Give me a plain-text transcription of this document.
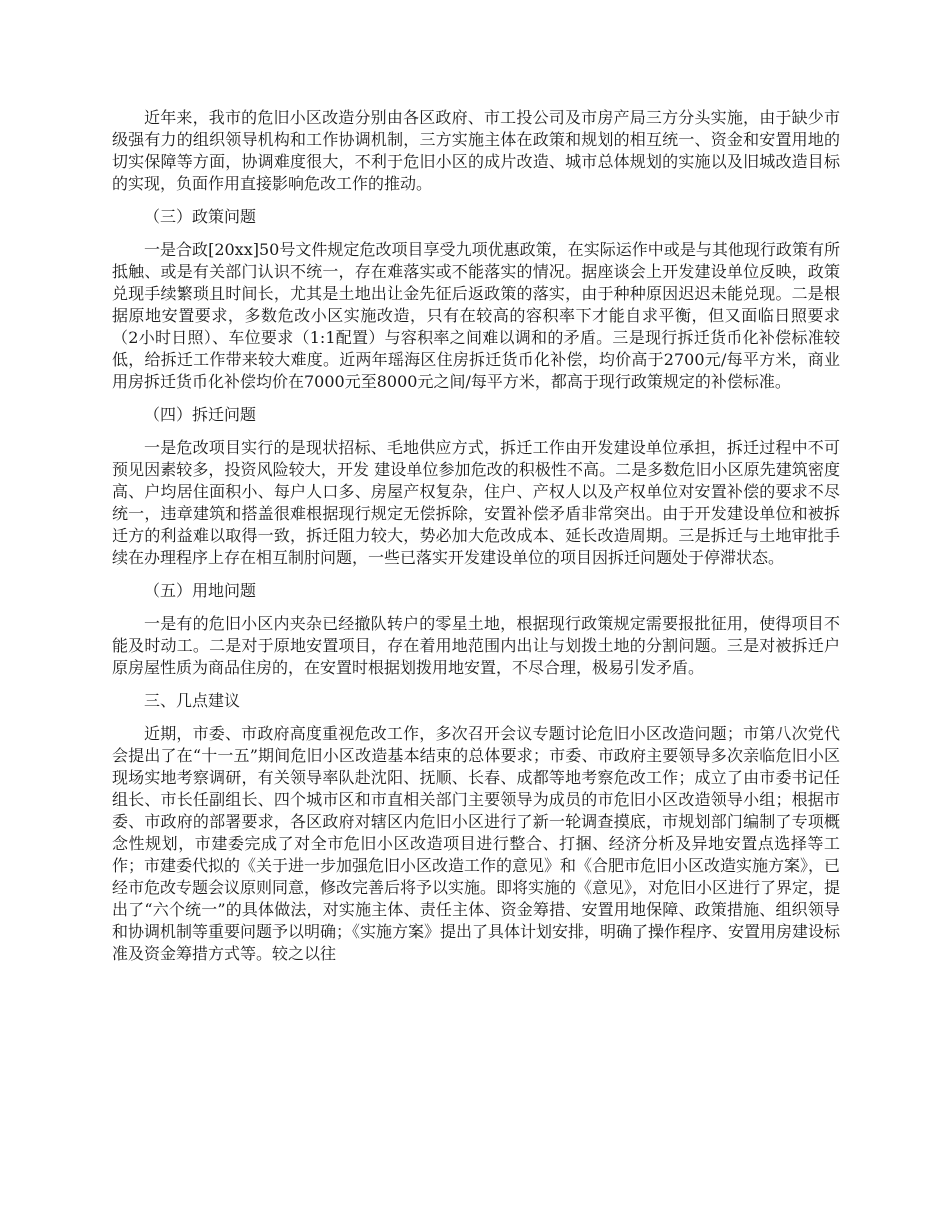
近年来，我市的危旧小区改造分别由各区政府、市工投公司及市房产局三方分头实施，由于缺少市级强有力的组织领导机构和工作协调机制，三方实施主体在政策和规划的相互统一、资金和安置用地的切实保障等方面，协调难度很大，不利于危旧小区的成片改造、城市总体规划的实施以及旧城改造目标的实现，负面作用直接影响危改工作的推动。

（三）政策问题

一是合政[20xx]50号文件规定危改项目享受九项优惠政策，在实际运作中或是与其他现行政策有所抵触、或是有关部门认识不统一，存在难落实或不能落实的情况。据座谈会上开发建设单位反映，政策兑现手续繁琐且时间长，尤其是土地出让金先征后返政策的落实，由于种种原因迟迟未能兑现。二是根据原地安置要求，多数危改小区实施改造，只有在较高的容积率下才能自求平衡，但又面临日照要求（2小时日照）、车位要求（1:1配置）与容积率之间难以调和的矛盾。三是现行拆迁货币化补偿标准较低，给拆迁工作带来较大难度。近两年瑶海区住房拆迁货币化补偿，均价高于2700元/每平方米，商业用房拆迁货币化补偿均价在7000元至8000元之间/每平方米，都高于现行政策规定的补偿标准。

（四）拆迁问题

一是危改项目实行的是现状招标、毛地供应方式，拆迁工作由开发建设单位承担，拆迁过程中不可预见因素较多，投资风险较大，开发 建设单位参加危改的积极性不高。二是多数危旧小区原先建筑密度高、户均居住面积小、每户人口多、房屋产权复杂，住户、产权人以及产权单位对安置补偿的要求不尽统一，违章建筑和搭盖很难根据现行规定无偿拆除，安置补偿矛盾非常突出。由于开发建设单位和被拆迁方的利益难以取得一致，拆迁阻力较大，势必加大危改成本、延长改造周期。三是拆迁与土地审批手续在办理程序上存在相互制肘问题，一些已落实开发建设单位的项目因拆迁问题处于停滞状态。

（五）用地问题

一是有的危旧小区内夹杂已经撤队转户的零星土地，根据现行政策规定需要报批征用，使得项目不能及时动工。二是对于原地安置项目，存在着用地范围内出让与划拨土地的分割问题。三是对被拆迁户原房屋性质为商品住房的，在安置时根据划拨用地安置，不尽合理，极易引发矛盾。

三、几点建议

近期，市委、市政府高度重视危改工作，多次召开会议专题讨论危旧小区改造问题；市第八次党代会提出了在“十一五”期间危旧小区改造基本结束的总体要求；市委、市政府主要领导多次亲临危旧小区现场实地考察调研，有关领导率队赴沈阳、抚顺、长春、成都等地考察危改工作；成立了由市委书记任组长、市长任副组长、四个城市区和市直相关部门主要领导为成员的市危旧小区改造领导小组；根据市委、市政府的部署要求，各区政府对辖区内危旧小区进行了新一轮调查摸底，市规划部门编制了专项概念性规划，市建委完成了对全市危旧小区改造项目进行整合、打捆、经济分析及异地安置点选择等工作；市建委代拟的《关于进一步加强危旧小区改造工作的意见》和《合肥市危旧小区改造实施方案》，已经市危改专题会议原则同意，修改完善后将予以实施。即将实施的《意见》，对危旧小区进行了界定，提出了“六个统一”的具体做法，对实施主体、责任主体、资金筹措、安置用地保障、政策措施、组织领导和协调机制等重要问题予以明确；《实施方案》提出了具体计划安排，明确了操作程序、安置用房建设标准及资金筹措方式等。较之以往
